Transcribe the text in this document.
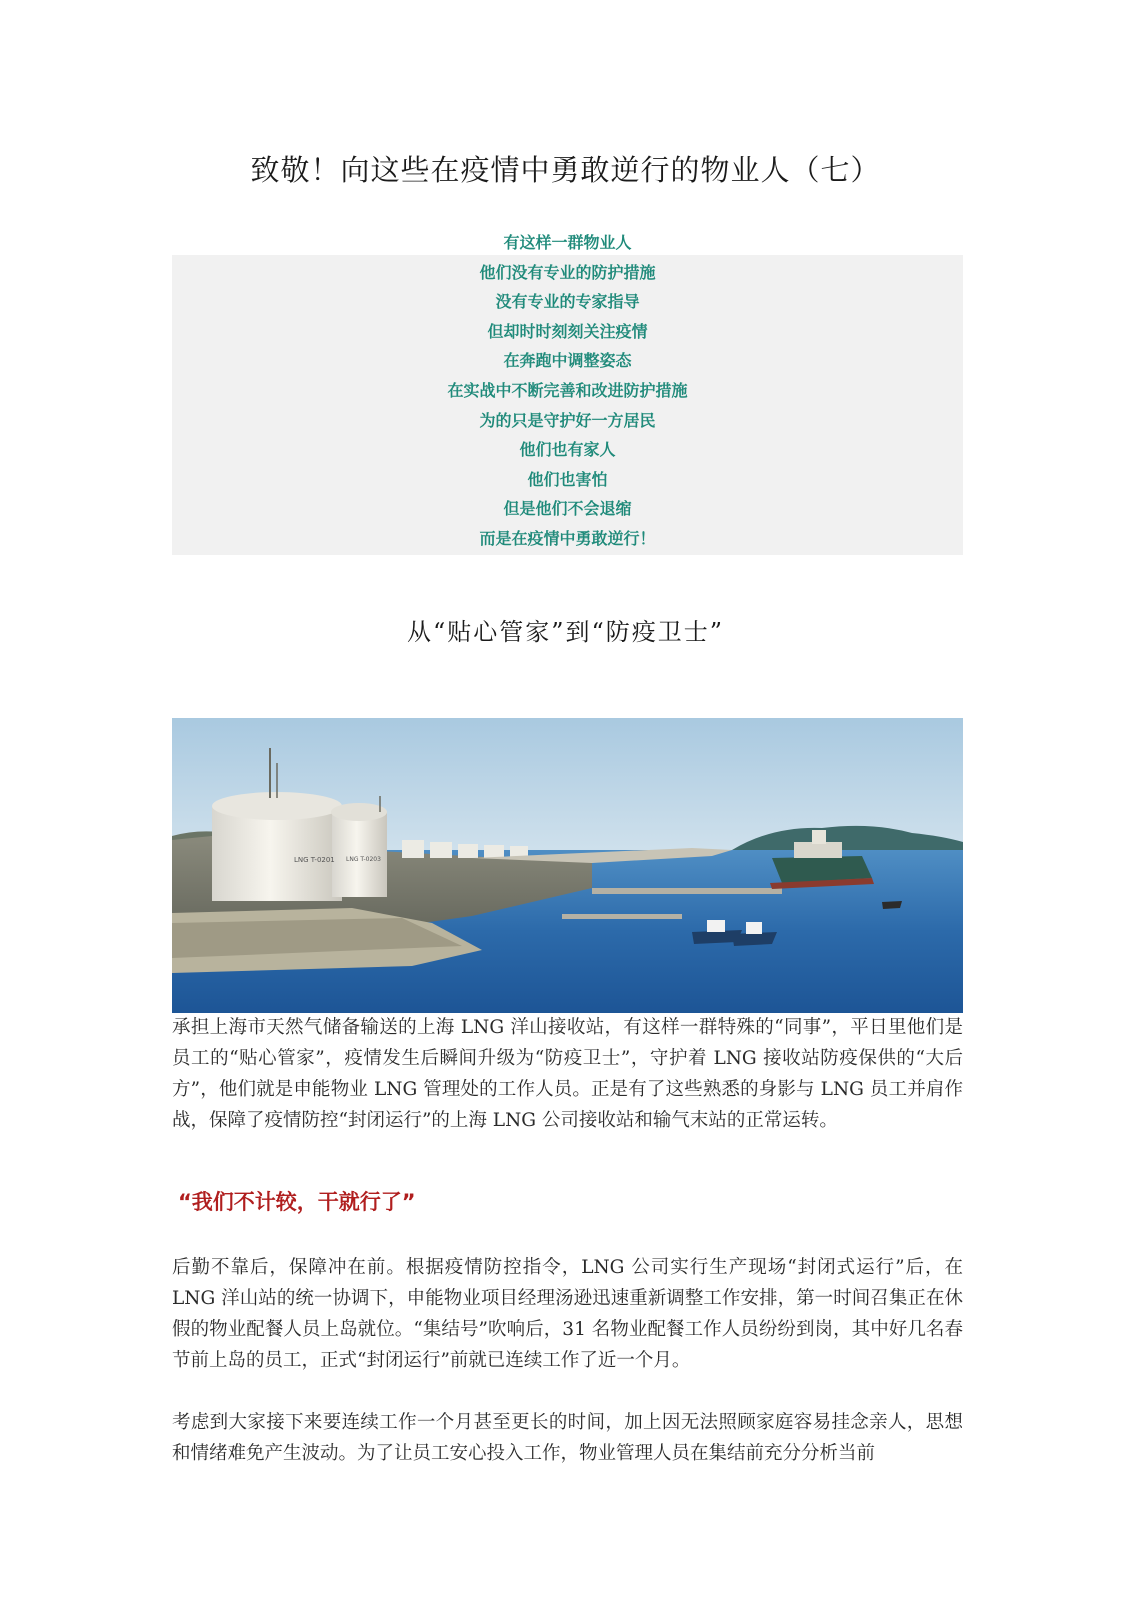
致敬！向这些在疫情中勇敢逆行的物业人（七）
有这样一群物业人
他们没有专业的防护措施
没有专业的专家指导
但却时时刻刻关注疫情
在奔跑中调整姿态
在实战中不断完善和改进防护措施
为的只是守护好一方居民
他们也有家人
他们也害怕
但是他们不会退缩
而是在疫情中勇敢逆行！
从“贴心管家”到“防疫卫士”
LNG T-0201 LNG T-0203

承担上海市天然气储备输送的上海 LNG 洋山接收站，有这样一群特殊的“同事”，平日里他们是员工的“贴心管家”，疫情发生后瞬间升级为“防疫卫士”，守护着 LNG 接收站防疫保供的“大后方”，他们就是申能物业 LNG 管理处的工作人员。正是有了这些熟悉的身影与 LNG 员工并肩作战，保障了疫情防控“封闭运行”的上海 LNG 公司接收站和输气末站的正常运转。

“我们不计较，干就行了”

后勤不靠后，保障冲在前。根据疫情防控指令，LNG 公司实行生产现场“封闭式运行”后，在 LNG 洋山站的统一协调下，申能物业项目经理汤逊迅速重新调整工作安排，第一时间召集正在休假的物业配餐人员上岛就位。“集结号”吹响后，31 名物业配餐工作人员纷纷到岗，其中好几名春节前上岛的员工，正式“封闭运行”前就已连续工作了近一个月。

考虑到大家接下来要连续工作一个月甚至更长的时间，加上因无法照顾家庭容易挂念亲人，思想和情绪难免产生波动。为了让员工安心投入工作，物业管理人员在集结前充分分析当前
